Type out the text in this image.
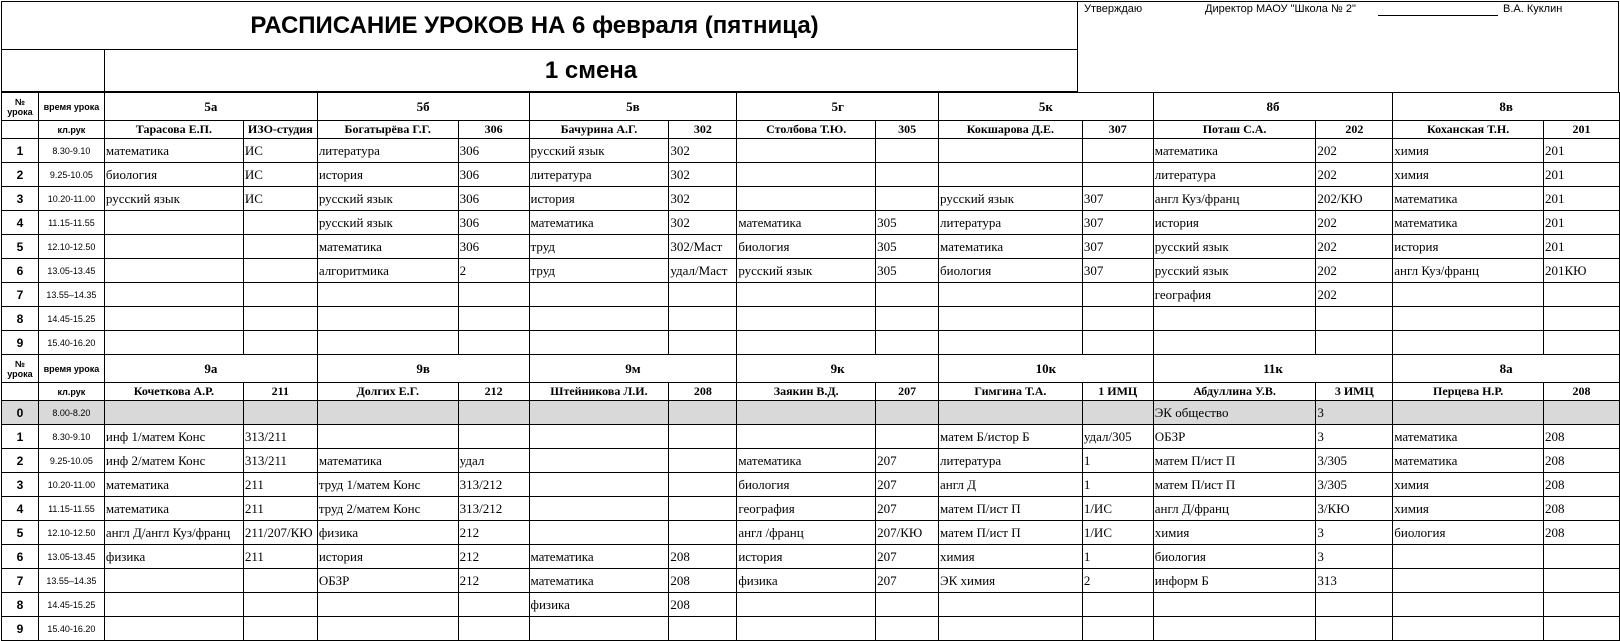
РАСПИСАНИЕ УРОКОВ НА 6 февраля (пятница)
1 смена
Утверждаю	Директор МАОУ "Школа № 2"	В.А. Куклин
№ урока	время урока	5а		5б		5в		5г		5к		8б		8в	
	кл.рук	Тарасова Е.П.	ИЗО-студия	Богатырёва Г.Г.	306	Бачурина А.Г.	302	Столбова Т.Ю.	305	Кокшарова Д.Е.	307	Поташ С.А.	202	Коханская Т.Н.	201
1	8.30-9.10	математика	ИС	литература	306	русский язык	302					математика	202	химия	201
2	9.25-10.05	биология	ИС	история	306	литература	302					литература	202	химия	201
3	10.20-11.00	русский язык	ИС	русский язык	306	история	302			русский язык	307	англ Куз/франц	202/КЮ	математика	201
4	11.15-11.55			русский язык	306	математика	302	математика	305	литература	307	история	202	математика	201
5	12.10-12.50			математика	306	труд	302/Маст	биология	305	математика	307	русский язык	202	история	201
6	13.05-13.45			алгоритмика	2	труд	удал/Маст	русский язык	305	биология	307	русский язык	202	англ Куз/франц	201КЮ
7	13.55–14.35											география	202		
8	14.45-15.25														
9	15.40-16.20														
№ урока	время урока	9а		9в		9м		9к		10к		11к		8а	
	кл.рук	Кочеткова А.Р.	211	Долгих Е.Г.	212	Штейникова Л.И.	208	Заякин В.Д.	207	Гимгина Т.А.	1 ИМЦ	Абдуллина У.В.	3 ИМЦ	Перцева Н.Р.	208
0	8.00-8.20											ЭК общество	3		
1	8.30-9.10	инф 1/матем Конс	313/211							матем Б/истор Б	удал/305	ОБЗР	3	математика	208
2	9.25-10.05	инф 2/матем Конс	313/211	математика	удал			математика	207	литература	1	матем П/ист П	3/305	математика	208
3	10.20-11.00	математика	211	труд 1/матем Конс	313/212			биология	207	англ Д	1	матем П/ист П	3/305	химия	208
4	11.15-11.55	математика	211	труд 2/матем Конс	313/212			география	207	матем П/ист П	1/ИС	англ Д/франц	3/КЮ	химия	208
5	12.10-12.50	англ Д/англ Куз/франц	211/207/КЮ	физика	212			англ /франц	207/КЮ	матем П/ист П	1/ИС	химия	3	биология	208
6	13.05-13.45	физика	211	история	212	математика	208	история	207	химия	1	биология	3		
7	13.55–14.35			ОБЗР	212	математика	208	физика	207	ЭК химия	2	информ Б	313		
8	14.45-15.25					физика	208								
9	15.40-16.20														
